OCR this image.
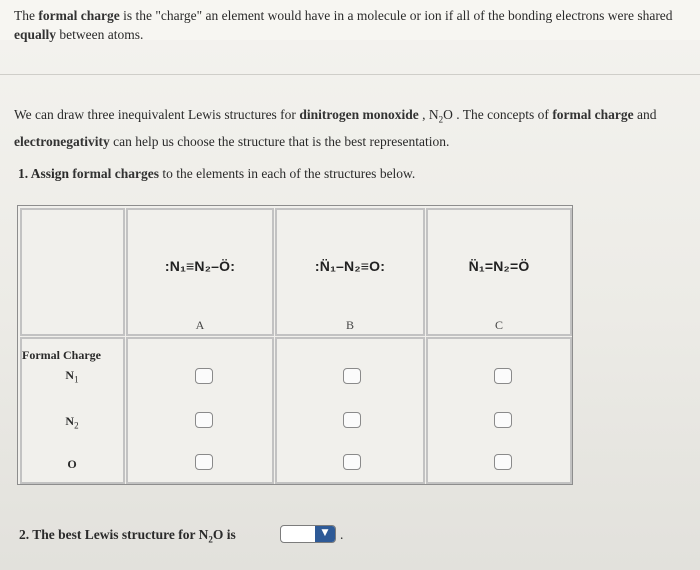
The formal charge is the "charge" an element would have in a molecule or ion if all of the bonding electrons were shared equally between atoms.
We can draw three inequivalent Lewis structures for dinitrogen monoxide , $N_2O$ . The concepts of formal charge and electronegativity can help us choose the structure that is the best representation.
1. Assign formal charges to the elements in each of the structures below.
:N₁≡N₂–Ö:
A
:N̈₁–N₂≡O:
B
N̈₁=N₂=Ö
C
Formal Charge
$N_1$
$N_2$
O
2. The best Lewis structure for $N_2O$ is	▼ .
